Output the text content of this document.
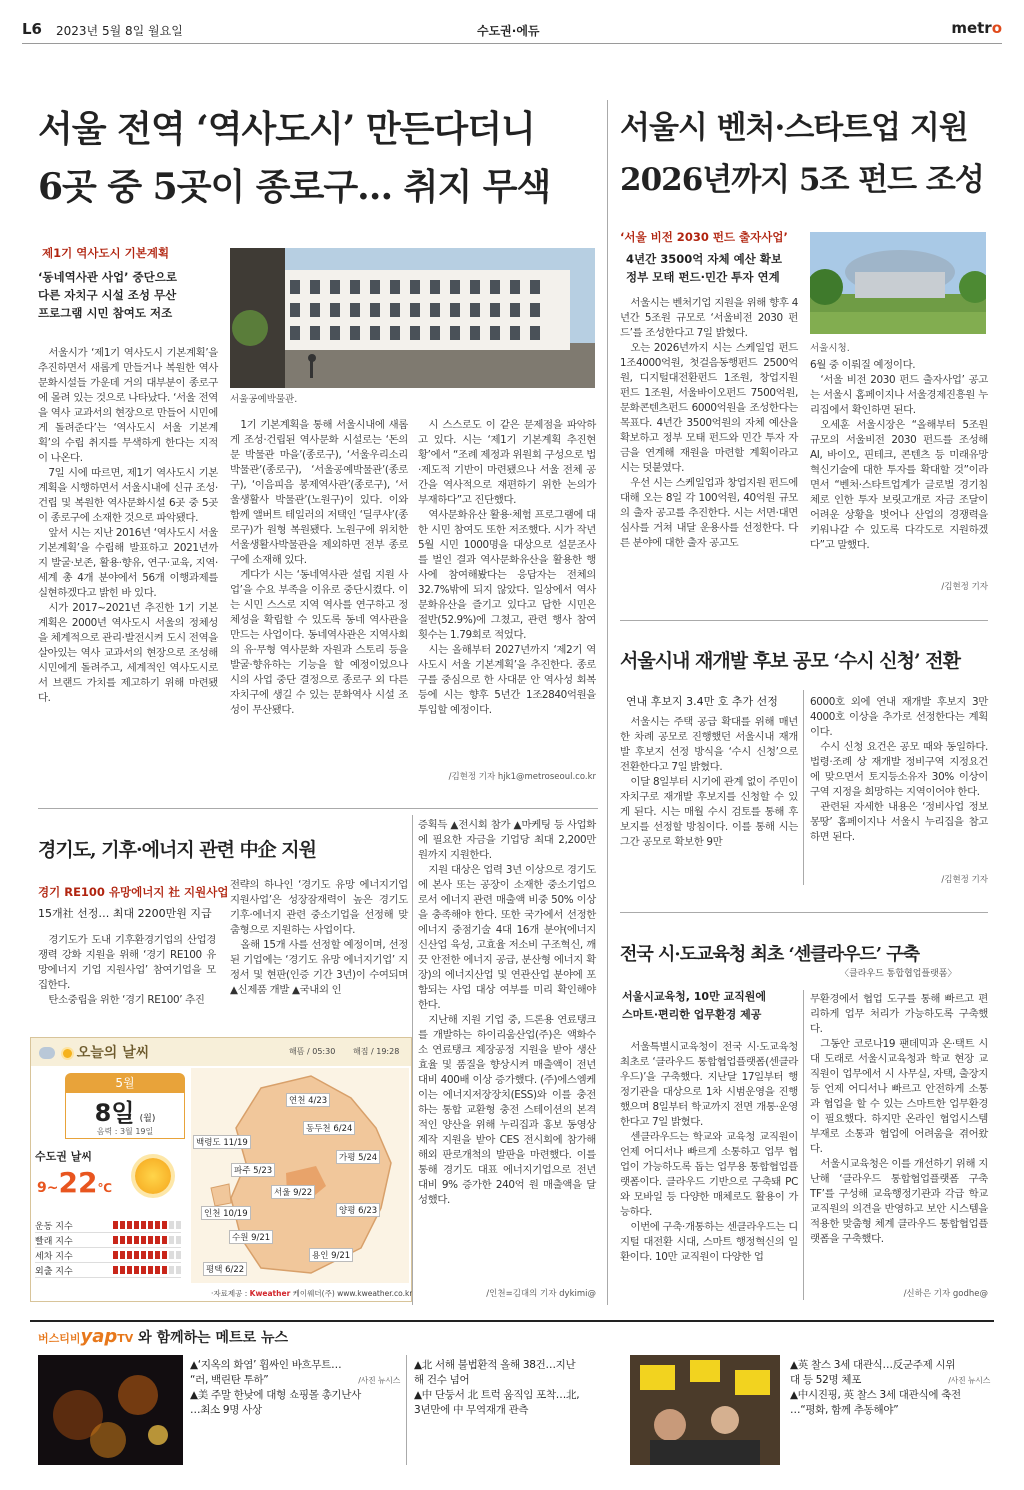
L6 2023년 5월 8일 월요일	수도권·에듀	metro
서울 전역 ‘역사도시’ 만든다더니
6곳 중 5곳이 종로구… 취지 무색
제1기 역사도시 기본계획
‘동네역사관 사업’ 중단으로
다른 자치구 시설 조성 무산
프로그램 시민 참여도 저조
서울공예박물관.

서울시가 ‘제1기 역사도시 기본계획’을 추진하면서 새롭게 만들거나 복원한 역사문화시설들 가운데 거의 대부분이 종로구에 몰려 있는 것으로 나타났다. ‘서울 전역을 역사 교과서의 현장으로 만들어 시민에게 돌려준다’는 ‘역사도시 서울 기본계획’의 수립 취지를 무색하게 한다는 지적이 나온다.

7일 시에 따르면, 제1기 역사도시 기본계획을 시행하면서 서울시내에 신규 조성·건립 및 복원한 역사문화시설 6곳 중 5곳이 종로구에 소재한 것으로 파악됐다.

앞서 시는 지난 2016년 ‘역사도시 서울 기본계획’을 수립해 발표하고 2021년까지 발굴·보존, 활용·향유, 연구·교육, 지역·세계 총 4개 분야에서 56개 이행과제를 실현하겠다고 밝힌 바 있다.

시가 2017~2021년 추진한 1기 기본계획은 2000년 역사도시 서울의 정체성을 체계적으로 관리·발전시켜 도시 전역을 살아있는 역사 교과서의 현장으로 조성해 시민에게 돌려주고, 세계적인 역사도시로서 브랜드 가치를 제고하기 위해 마련됐다.

1기 기본계획을 통해 서울시내에 새롭게 조성·건립된 역사문화 시설로는 ‘돈의문 박물관 마을’(종로구), ‘서울우리소리박물관’(종로구), ‘서울공예박물관’(종로구), ‘이음피음 봉제역사관’(종로구), ‘서울생활사 박물관’(노원구)이 있다. 이와 함께 앨버트 테일러의 저택인 ‘딜쿠샤’(종로구)가 원형 복원됐다. 노원구에 위치한 서울생활사박물관을 제외하면 전부 종로구에 소재해 있다.

게다가 시는 ‘동네역사관 설립 지원 사업’을 수요 부족을 이유로 중단시켰다. 이는 시민 스스로 지역 역사를 연구하고 정체성을 확립할 수 있도록 동네 역사관을 만드는 사업이다. 동네역사관은 지역사회의 유·무형 역사문화 자원과 스토리 등을 발굴·향유하는 기능을 할 예정이었으나 시의 사업 중단 결정으로 종로구 외 다른 자치구에 생길 수 있는 문화역사 시설 조성이 무산됐다.

시 스스로도 이 같은 문제점을 파악하고 있다. 시는 ‘제1기 기본계획 추진현황’에서 “조례 제정과 위원회 구성으로 법·제도적 기반이 마련됐으나 서울 전체 공간을 역사적으로 재편하기 위한 논의가 부재하다”고 진단했다.

역사문화유산 활용·체험 프로그램에 대한 시민 참여도 또한 저조했다. 시가 작년 5월 시민 1000명을 대상으로 설문조사를 벌인 결과 역사문화유산을 활용한 행사에 참여해봤다는 응답자는 전체의 32.7%밖에 되지 않았다. 일상에서 역사문화유산을 즐기고 있다고 답한 시민은 절반(52.9%)에 그쳤고, 관련 행사 참여 횟수는 1.79회로 적었다.

시는 올해부터 2027년까지 ‘제2기 역사도시 서울 기본계획’을 추진한다. 종로구를 중심으로 한 사대문 안 역사성 회복 등에 시는 향후 5년간 1조2840억원을 투입할 예정이다.

/김현정 기자 hjk1@metroseoul.co.kr
서울시 벤처·스타트업 지원
2026년까지 5조 펀드 조성
‘서울 비전 2030 펀드 출자사업’
4년간 3500억 자체 예산 확보
정부 모태 펀드·민간 투자 연계
서울시청.

서울시는 벤처기업 지원을 위해 향후 4년간 5조원 규모로 ‘서울비전 2030 펀드’를 조성한다고 7일 밝혔다.

오는 2026년까지 시는 스케일업 펀드 1조4000억원, 첫걸음동행펀드 2500억원, 디지털대전환펀드 1조원, 창업지원 펀드 1조원, 서울바이오펀드 7500억원, 문화콘텐츠펀드 6000억원을 조성한다는 목표다. 4년간 3500억원의 자체 예산을 확보하고 정부 모태 펀드와 민간 투자 자금을 연계해 재원을 마련할 계획이라고 시는 덧붙였다.

우선 시는 스케일업과 창업지원 펀드에 대해 오는 8일 각 100억원, 40억원 규모의 출자 공고를 추진한다. 시는 서면·대면 심사를 거쳐 내달 운용사를 선정한다. 다른 분야에 대한 출자 공고도

6월 중 이뤄질 예정이다.

‘서울 비전 2030 펀드 출자사업’ 공고는 서울시 홈페이지나 서울경제진흥원 누리집에서 확인하면 된다.

오세훈 서울시장은 “올해부터 5조원 규모의 서울비전 2030 펀드를 조성해 AI, 바이오, 핀테크, 콘텐츠 등 미래유망 혁신기술에 대한 투자를 확대할 것”이라면서 “벤처·스타트업계가 글로벌 경기침체로 인한 투자 보릿고개로 자금 조달이 어려운 상황을 벗어나 산업의 경쟁력을 키워나갈 수 있도록 다각도로 지원하겠다”고 말했다.

/김현정 기자
서울시내 재개발 후보 공모 ‘수시 신청’ 전환
연내 후보지 3.4만 호 추가 선정

서울시는 주택 공급 확대를 위해 매년 한 차례 공모로 진행했던 서울시내 재개발 후보지 선정 방식을 ‘수시 신청’으로 전환한다고 7일 밝혔다.

이달 8일부터 시기에 관계 없이 주민이 자치구로 재개발 후보지를 신청할 수 있게 된다. 시는 매월 수시 검토를 통해 후보지를 선정할 방침이다. 이를 통해 시는 그간 공모로 확보한 9만

6000호 외에 연내 재개발 후보지 3만 4000호 이상을 추가로 선정한다는 계획이다.

수시 신청 요건은 공모 때와 동일하다. 법령·조례 상 재개발 정비구역 지정요건에 맞으면서 토지등소유자 30% 이상이 구역 지정을 희망하는 지역이어야 한다.

관련된 자세한 내용은 ‘정비사업 정보몽땅’ 홈페이지나 서울시 누리집을 참고하면 된다.

/김현정 기자
경기도, 기후·에너지 관련 中企 지원
경기 RE100 유망에너지 社 지원사업
15개社 선정… 최대 2200만원 지급

경기도가 도내 기후환경기업의 산업경쟁력 강화 지원을 위해 ‘경기 RE100 유망에너지 기업 지원사업’ 참여기업을 모집한다.

탄소중립을 위한 ‘경기 RE100’ 추진

전략의 하나인 ‘경기도 유망 에너지기업 지원사업’은 성장잠재력이 높은 경기도 기후·에너지 관련 중소기업을 선정해 맞춤형으로 지원하는 사업이다.

올해 15개 사를 선정할 예정이며, 선정된 기업에는 ‘경기도 유망 에너지기업’ 지정서 및 현판(인증 기간 3년)이 수여되며 ▲신제품 개발 ▲국내외 인

증획득 ▲전시회 참가 ▲마케팅 등 사업화에 필요한 자금을 기업당 최대 2,200만 원까지 지원한다.

지원 대상은 업력 3년 이상으로 경기도에 본사 또는 공장이 소재한 중소기업으로서 에너지 관련 매출액 비중 50% 이상을 충족해야 한다. 또한 국가에서 선정한 에너지 중점기술 4대 16개 분야(에너지 신산업 육성, 고효율 저소비 구조혁신, 깨끗 안전한 에너지 공급, 분산형 에너지 확장)의 에너지산업 및 연관산업 분야에 포함되는 사업 대상 여부를 미리 확인해야 한다.

지난해 지원 기업 중, 드론용 연료탱크를 개발하는 하이리움산업(주)은 액화수소 연료탱크 제장공정 지원을 받아 생산효율 및 품질을 향상시켜 매출액이 전년 대비 400배 이상 증가했다. (주)에스엠케이는 에너지저장장치(ESS)와 이를 충전하는 통합 교환형 충전 스테이션의 본격적인 양산을 위해 누리집과 홍보 동영상 제작 지원을 받아 CES 전시회에 참가해 해외 판로개척의 발판을 마련했다. 이를 통해 경기도 대표 에너지기업으로 전년 대비 9% 증가한 240억 원 매출액을 달성했다.

/인천=김대의 기자 dykimi@
오늘의 날씨	해뜸 / 05:30 해짐 / 19:28
5월
8일 (월)
음력 : 3월 19일
수도권 날씨
9~22℃
운동 지수
빨래 지수
세차 지수
외출 지수
연천 4/23
동두천 6/24
백령도 11/19
가평 5/24
파주 5/23
서울 9/22
인천 10/19	양평 6/23
수원 9/21
용인 9/21
평택 6/22
·자료제공 : Kweather 케이웨더(주) www.kweather.co.kr
전국 시·도교육청 최초 ‘센클라우드’ 구축
〈클라우드 통합협업플랫폼〉
서울시교육청, 10만 교직원에
스마트·편리한 업무환경 제공

서울특별시교육청이 전국 시·도교육청 최초로 ‘클라우드 통합협업플랫폼(센클라우드)’을 구축했다. 지난달 17일부터 행정기관을 대상으로 1차 시범운영을 진행했으며 8일부터 학교까지 전면 개통·운영한다고 7일 밝혔다.

센클라우드는 학교와 교육청 교직원이 언제 어디서나 빠르게 소통하고 업무 협업이 가능하도록 돕는 업무용 통합협업플랫폼이다. 클라우드 기반으로 구축돼 PC와 모바일 등 다양한 매체로도 활용이 가능하다.

이번에 구축·개통하는 센클라우드는 디지털 대전환 시대, 스마트 행정혁신의 일환이다. 10만 교직원이 다양한 업

무환경에서 협업 도구를 통해 빠르고 편리하게 업무 처리가 가능하도록 구축했다.

그동안 코로나19 팬데믹과 온·택트 시대 도래로 서울시교육청과 학교 현장 교직원이 업무에서 시 사무실, 자택, 출장지 등 언제 어디서나 빠르고 안전하게 소통과 협업을 할 수 있는 스마트한 업무환경이 필요했다. 하지만 온라인 협업시스템 부재로 소통과 협업에 어려움을 겪어왔다.

서울시교육청은 이를 개선하기 위해 지난해 ‘클라우드 통합협업플랫폼 구축 TF’를 구성해 교육행정기관과 각급 학교 교직원의 의견을 반영하고 보안 시스템을 적용한 맞춤형 체계 클라우드 통합협업플랫폼을 구축했다.

/신하은 기자 godhe@
버스티비yapTV 와 함께하는 메트로 뉴스
▲‘지옥의 화염’ 휩싸인 바흐무트…
“러, 백린탄 투하”	/사진 뉴시스
▲美 주말 한낮에 대형 쇼핑몰 총기난사
…최소 9명 사상
▲北 서해 불법환적 올해 38건…지난
해 건수 넘어
▲中 단둥서 北 트럭 움직임 포착…北,
3년만에 中 무역재개 관측
▲英 찰스 3세 대관식…反군주제 시위
대 등 52명 체포	/사진 뉴시스
▲中시진핑, 英 찰스 3세 대관식에 축전
…“평화, 함께 추동해야”
